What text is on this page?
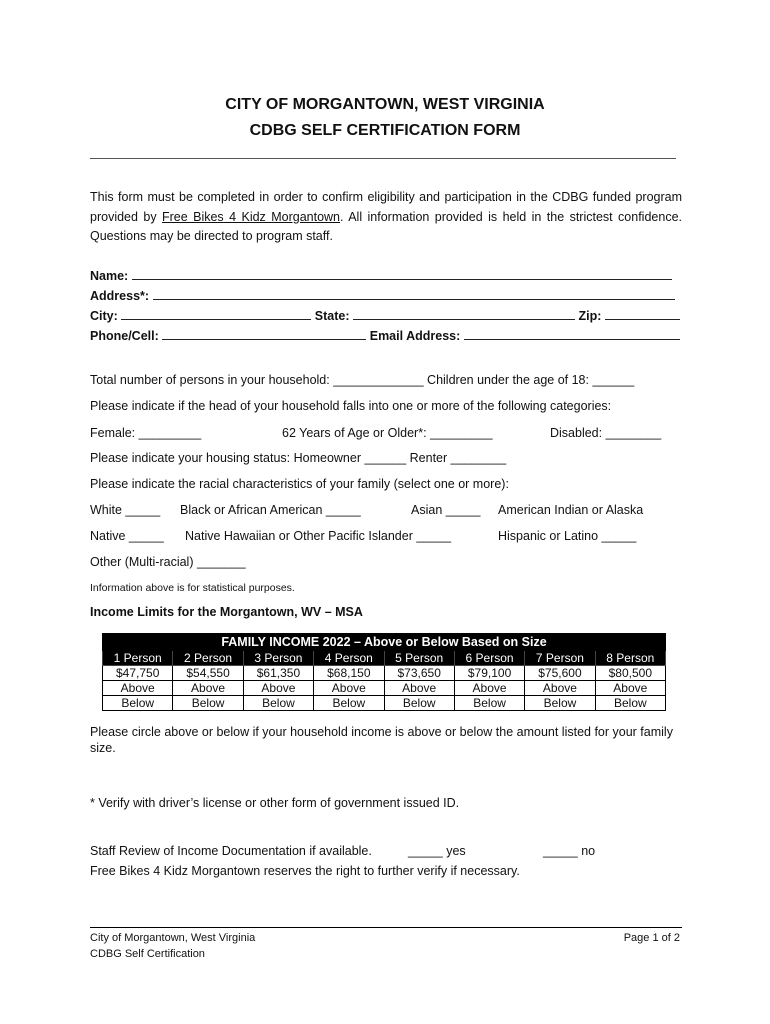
CITY OF MORGANTOWN, WEST VIRGINIA
CDBG SELF CERTIFICATION FORM
This form must be completed in order to confirm eligibility and participation in the CDBG funded program provided by Free Bikes 4 Kidz Morgantown. All information provided is held in the strictest confidence. Questions may be directed to program staff.
Name:
Address*:
City:	State:	Zip:
Phone/Cell:	Email Address:
Total number of persons in your household: _____________ Children under the age of 18: ______
Please indicate if the head of your household falls into one or more of the following categories:
Female: _________	62 Years of Age or Older*: _________	Disabled: ________
Please indicate your housing status: Homeowner ______ Renter ________
Please indicate the racial characteristics of your family (select one or more):
White _____ Black or African American _____	Asian _____ American Indian or Alaska
Native _____ Native Hawaiian or Other Pacific Islander _____	Hispanic or Latino _____
Other (Multi-racial) _______
Information above is for statistical purposes.
Income Limits for the Morgantown, WV – MSA
FAMILY INCOME 2022 – Above or Below Based on Size							
1 Person	2 Person	3 Person	4 Person	5 Person	6 Person	7 Person	8 Person
$47,750	$54,550	$61,350	$68,150	$73,650	$79,100	$75,600	$80,500
Above	Above	Above	Above	Above	Above	Above	Above
Below	Below	Below	Below	Below	Below	Below	Below
Please circle above or below if your household income is above or below the amount listed for your family size.
* Verify with driver’s license or other form of government issued ID.
Staff Review of Income Documentation if available.	_____ yes	_____ no
Free Bikes 4 Kidz Morgantown reserves the right to further verify if necessary.
City of Morgantown, West Virginia
CDBG Self Certification
Page 1 of 2
